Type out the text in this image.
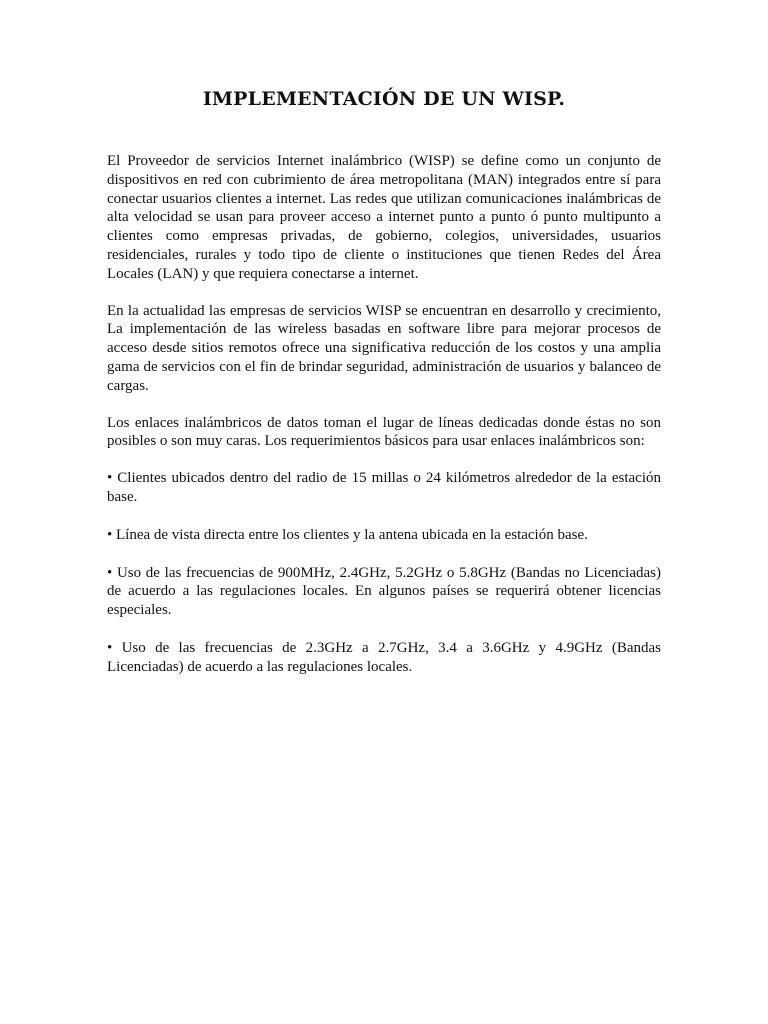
IMPLEMENTACIÓN DE UN WISP.

El Proveedor de servicios Internet inalámbrico (WISP) se define como un conjunto de dispositivos en red con cubrimiento de área metropolitana (MAN) integrados entre sí para conectar usuarios clientes a internet. Las redes que utilizan comunicaciones inalámbricas de alta velocidad se usan para proveer acceso a internet punto a punto ó punto multipunto a clientes como empresas privadas, de gobierno, colegios, universidades, usuarios residenciales, rurales y todo tipo de cliente o instituciones que tienen Redes del Área Locales (LAN) y que requiera conectarse a internet.

En la actualidad las empresas de servicios WISP se encuentran en desarrollo y crecimiento, La implementación de las wireless basadas en software libre para mejorar procesos de acceso desde sitios remotos ofrece una significativa reducción de los costos y una amplia gama de servicios con el fin de brindar seguridad, administración de usuarios y balanceo de cargas.

Los enlaces inalámbricos de datos toman el lugar de líneas dedicadas donde éstas no son posibles o son muy caras. Los requerimientos básicos para usar enlaces inalámbricos son:

• Clientes ubicados dentro del radio de 15 millas o 24 kilómetros alrededor de la estación base.

• Línea de vista directa entre los clientes y la antena ubicada en la estación base.

• Uso de las frecuencias de 900MHz, 2.4GHz, 5.2GHz o 5.8GHz (Bandas no Licenciadas) de acuerdo a las regulaciones locales. En algunos países se requerirá obtener licencias especiales.

• Uso de las frecuencias de 2.3GHz a 2.7GHz, 3.4 a 3.6GHz y 4.9GHz (Bandas Licenciadas) de acuerdo a las regulaciones locales.
